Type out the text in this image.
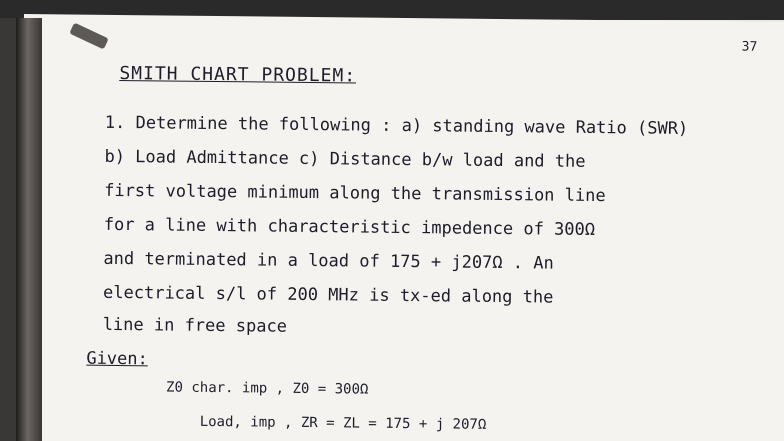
37
SMITH CHART PROBLEM:
1. Determine the following : a) standing wave Ratio (SWR)
b) Load Admittance c) Distance b/w load and the
first voltage minimum along the transmission line
for a line with characteristic impedence of 300Ω
and terminated in a load of 175 + j207Ω . An
electrical s/l of 200 MHz is tx-ed along the
line in free space
Given:
Z0 char. imp , Z0 = 300Ω
Load, imp , ZR = ZL = 175 + j 207Ω
